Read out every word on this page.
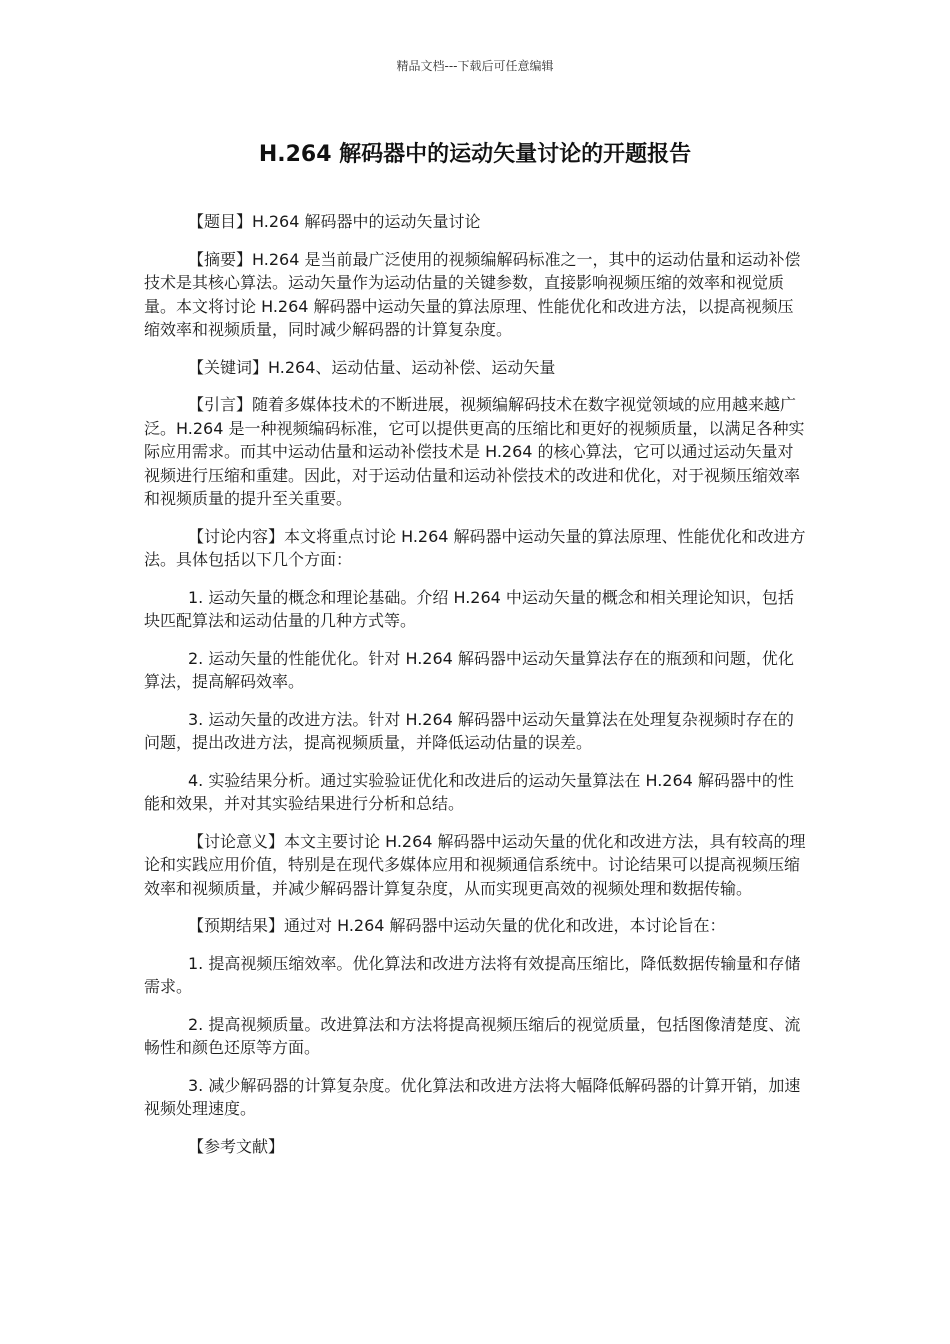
精品文档---下载后可任意编辑
H.264 解码器中的运动矢量讨论的开题报告

【题目】H.264 解码器中的运动矢量讨论

【摘要】H.264 是当前最广泛使用的视频编解码标准之一，其中的运动估量和运动补偿技术是其核心算法。运动矢量作为运动估量的关键参数，直接影响视频压缩的效率和视觉质量。本文将讨论 H.264 解码器中运动矢量的算法原理、性能优化和改进方法，以提高视频压缩效率和视频质量，同时减少解码器的计算复杂度。

【关键词】H.264、运动估量、运动补偿、运动矢量

【引言】随着多媒体技术的不断进展，视频编解码技术在数字视觉领域的应用越来越广泛。H.264 是一种视频编码标准，它可以提供更高的压缩比和更好的视频质量，以满足各种实际应用需求。而其中运动估量和运动补偿技术是 H.264 的核心算法，它可以通过运动矢量对视频进行压缩和重建。因此，对于运动估量和运动补偿技术的改进和优化，对于视频压缩效率和视频质量的提升至关重要。

【讨论内容】本文将重点讨论 H.264 解码器中运动矢量的算法原理、性能优化和改进方法。具体包括以下几个方面：

1. 运动矢量的概念和理论基础。介绍 H.264 中运动矢量的概念和相关理论知识，包括块匹配算法和运动估量的几种方式等。

2. 运动矢量的性能优化。针对 H.264 解码器中运动矢量算法存在的瓶颈和问题，优化算法，提高解码效率。

3. 运动矢量的改进方法。针对 H.264 解码器中运动矢量算法在处理复杂视频时存在的问题，提出改进方法，提高视频质量，并降低运动估量的误差。

4. 实验结果分析。通过实验验证优化和改进后的运动矢量算法在 H.264 解码器中的性能和效果，并对其实验结果进行分析和总结。

【讨论意义】本文主要讨论 H.264 解码器中运动矢量的优化和改进方法，具有较高的理论和实践应用价值，特别是在现代多媒体应用和视频通信系统中。讨论结果可以提高视频压缩效率和视频质量，并减少解码器计算复杂度，从而实现更高效的视频处理和数据传输。

【预期结果】通过对 H.264 解码器中运动矢量的优化和改进，本讨论旨在：

1. 提高视频压缩效率。优化算法和改进方法将有效提高压缩比，降低数据传输量和存储需求。

2. 提高视频质量。改进算法和方法将提高视频压缩后的视觉质量，包括图像清楚度、流畅性和颜色还原等方面。

3. 减少解码器的计算复杂度。优化算法和改进方法将大幅降低解码器的计算开销，加速视频处理速度。

【参考文献】
